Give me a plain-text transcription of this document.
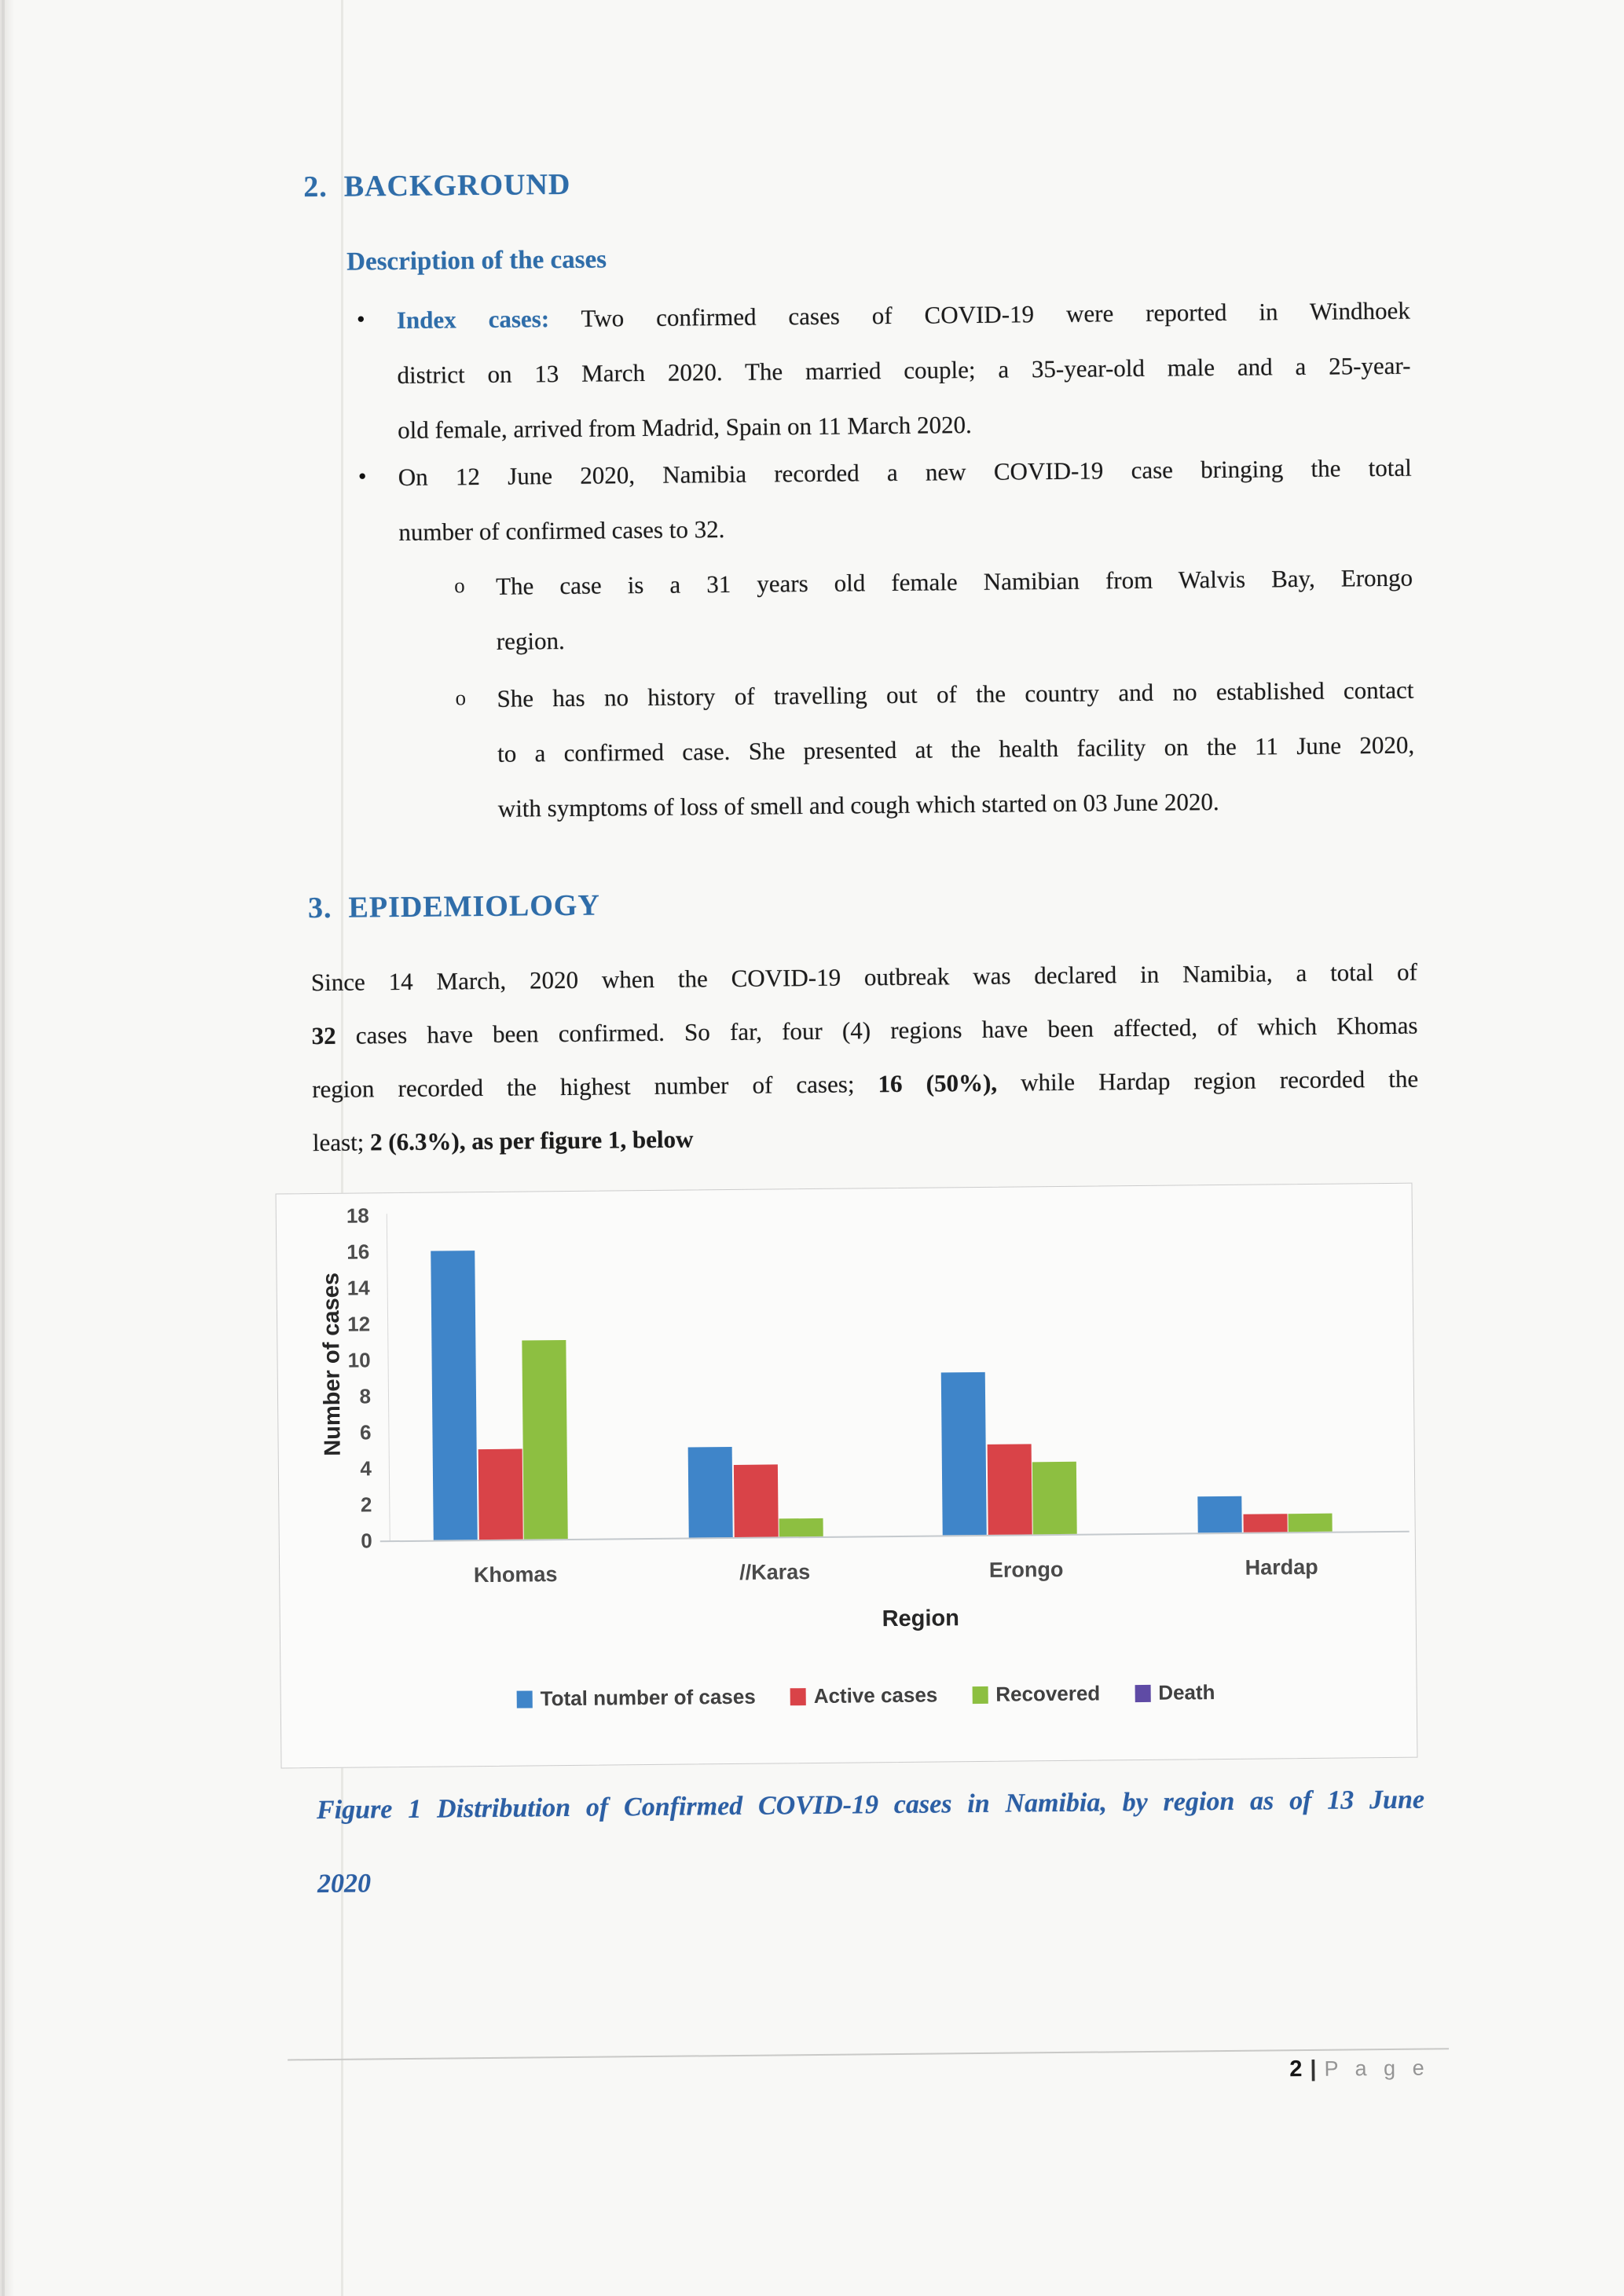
2. BACKGROUND
Description of the cases
• Index cases: Two confirmed cases of COVID-19 were reported in Windhoek
district on 13 March 2020. The married couple; a 35-year-old male and a 25-year-
old female, arrived from Madrid, Spain on 11 March 2020.
• On 12 June 2020, Namibia recorded a new COVID-19 case bringing the total
number of confirmed cases to 32.
o The case is a 31 years old female Namibian from Walvis Bay, Erongo
region.
o She has no history of travelling out of the country and no established contact
to a confirmed case. She presented at the health facility on the 11 June 2020,
with symptoms of loss of smell and cough which started on 03 June 2020.
3. EPIDEMIOLOGY
Since 14 March, 2020 when the COVID-19 outbreak was declared in Namibia, a total of
32 cases have been confirmed. So far, four (4) regions have been affected, of which Khomas
region recorded the highest number of cases; 16 (50%), while Hardap region recorded the
least; 2 (6.3%), as per figure 1, below
Number of cases
0
2
4
6
8
10
12
14
16
18
Khomas	//Karas	Erongo	Hardap
Region
Total number of cases	Active cases	Recovered	Death
Figure 1 Distribution of Confirmed COVID-19 cases in Namibia, by region as of 13 June
2020
2 | P a g e
